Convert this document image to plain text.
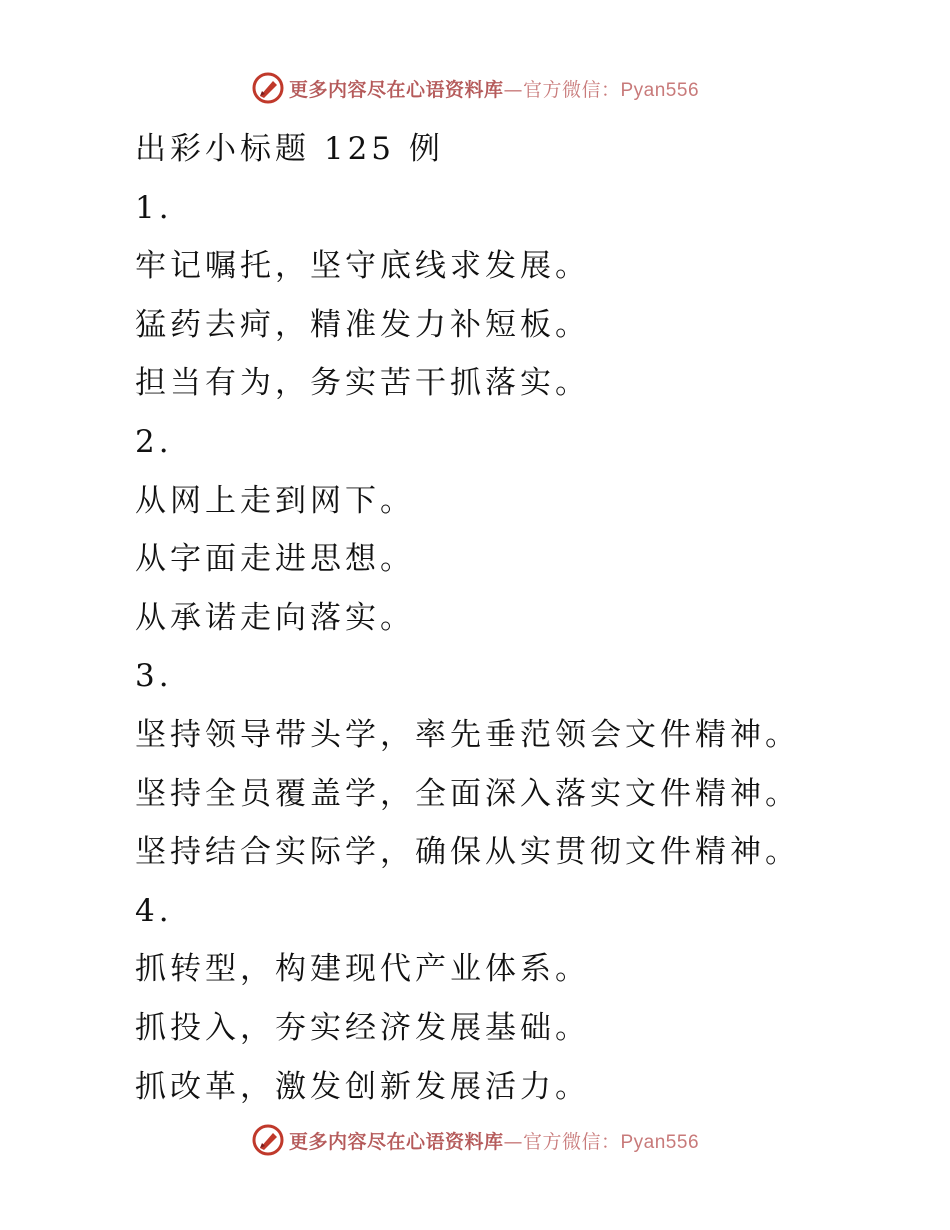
更多内容尽在心语资料库—官方微信：Pyan556
出彩小标题 125 例
1.
牢记嘱托，坚守底线求发展。
猛药去疴，精准发力补短板。
担当有为，务实苦干抓落实。
2.
从网上走到网下。
从字面走进思想。
从承诺走向落实。
3.
坚持领导带头学，率先垂范领会文件精神。
坚持全员覆盖学，全面深入落实文件精神。
坚持结合实际学，确保从实贯彻文件精神。
4.
抓转型，构建现代产业体系。
抓投入，夯实经济发展基础。
抓改革，激发创新发展活力。
更多内容尽在心语资料库—官方微信：Pyan556
